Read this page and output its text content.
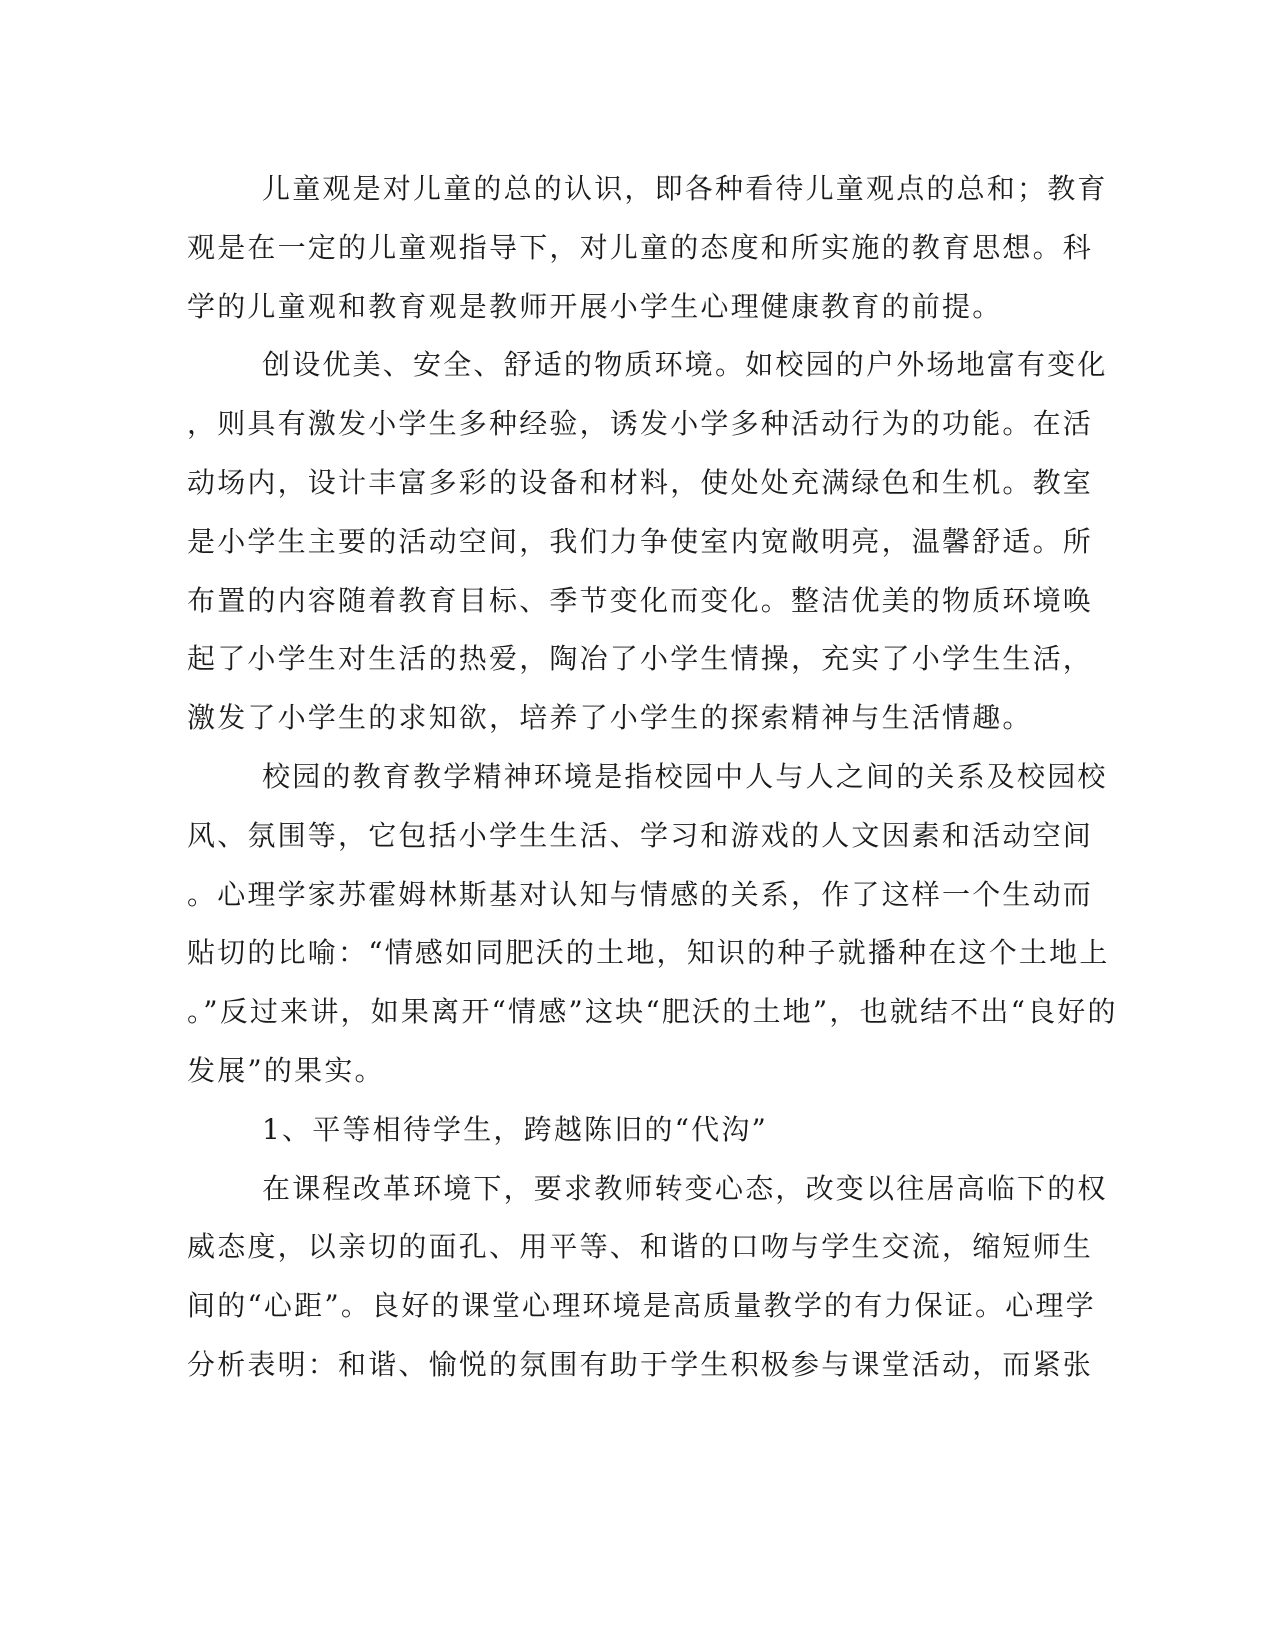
儿童观是对儿童的总的认识，即各种看待儿童观点的总和；教育
观是在一定的儿童观指导下，对儿童的态度和所实施的教育思想。科
学的儿童观和教育观是教师开展小学生心理健康教育的前提。
创设优美、安全、舒适的物质环境。如校园的户外场地富有变化
，则具有激发小学生多种经验，诱发小学多种活动行为的功能。在活
动场内，设计丰富多彩的设备和材料，使处处充满绿色和生机。教室
是小学生主要的活动空间，我们力争使室内宽敞明亮，温馨舒适。所
布置的内容随着教育目标、季节变化而变化。整洁优美的物质环境唤
起了小学生对生活的热爱，陶冶了小学生情操，充实了小学生生活，
激发了小学生的求知欲，培养了小学生的探索精神与生活情趣。
校园的教育教学精神环境是指校园中人与人之间的关系及校园校
风、氛围等，它包括小学生生活、学习和游戏的人文因素和活动空间
。心理学家苏霍姆林斯基对认知与情感的关系，作了这样一个生动而
贴切的比喻：“情感如同肥沃的土地，知识的种子就播种在这个土地上
。”反过来讲，如果离开“情感”这块“肥沃的土地”，也就结不出“良好的
发展”的果实。
1、平等相待学生，跨越陈旧的“代沟”
在课程改革环境下，要求教师转变心态，改变以往居高临下的权
威态度，以亲切的面孔、用平等、和谐的口吻与学生交流，缩短师生
间的“心距”。良好的课堂心理环境是高质量教学的有力保证。心理学
分析表明：和谐、愉悦的氛围有助于学生积极参与课堂活动，而紧张
